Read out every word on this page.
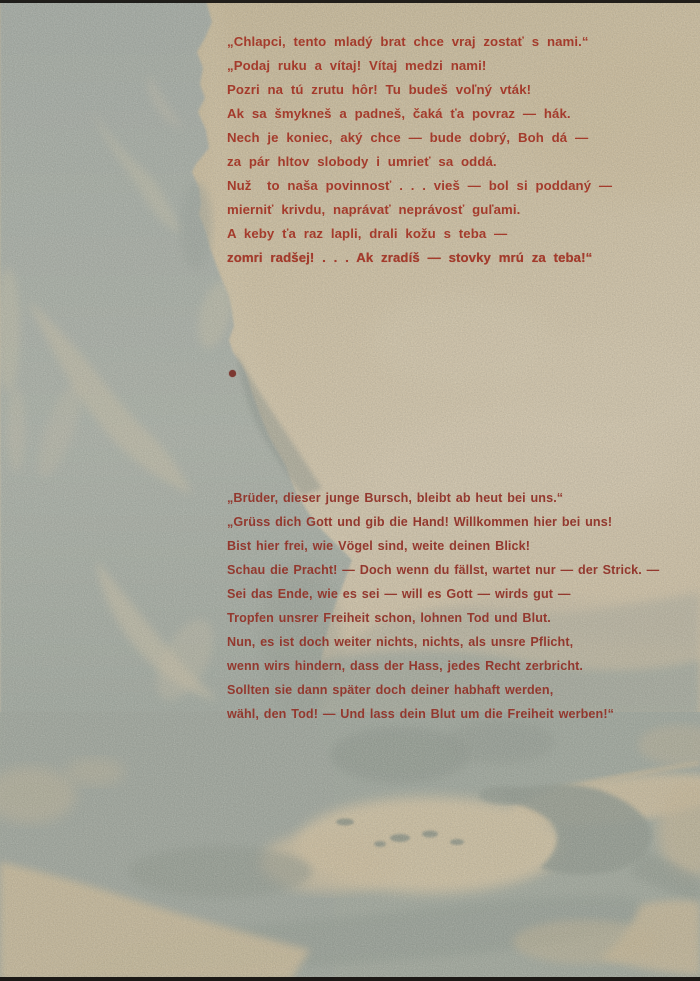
„Chlapci, tento mladý brat chce vraj zostať s nami.“
„Podaj ruku a vítaj! Vítaj medzi nami!
Pozri na tú zrutu hôr! Tu budeš voľný vták!
Ak sa šmykneš a padneš, čaká ťa povraz — hák.
Nech je koniec, aký chce — bude dobrý, Boh dá —
za pár hltov slobody i umrieť sa oddá.
Nuž  to naša povinnosť . . . vieš — bol si poddaný —
mierniť krivdu, naprávať neprávosť guľami.
A keby ťa raz lapli, drali kožu s teba —
zomri radšej! . . . Ak zradíš — stovky mrú za teba!“
„Brüder, dieser junge Bursch, bleibt ab heut bei uns.“
„Grüss dich Gott und gib die Hand! Willkommen hier bei uns!
Bist hier frei, wie Vögel sind, weite deinen Blick!
Schau die Pracht! — Doch wenn du fällst, wartet nur — der Strick. —
Sei das Ende, wie es sei — will es Gott — wirds gut —
Tropfen unsrer Freiheit schon, lohnen Tod und Blut.
Nun, es ist doch weiter nichts, nichts, als unsre Pflicht,
wenn wirs hindern, dass der Hass, jedes Recht zerbricht.
Sollten sie dann später doch deiner habhaft werden,
wähl, den Tod! — Und lass dein Blut um die Freiheit werben!“
